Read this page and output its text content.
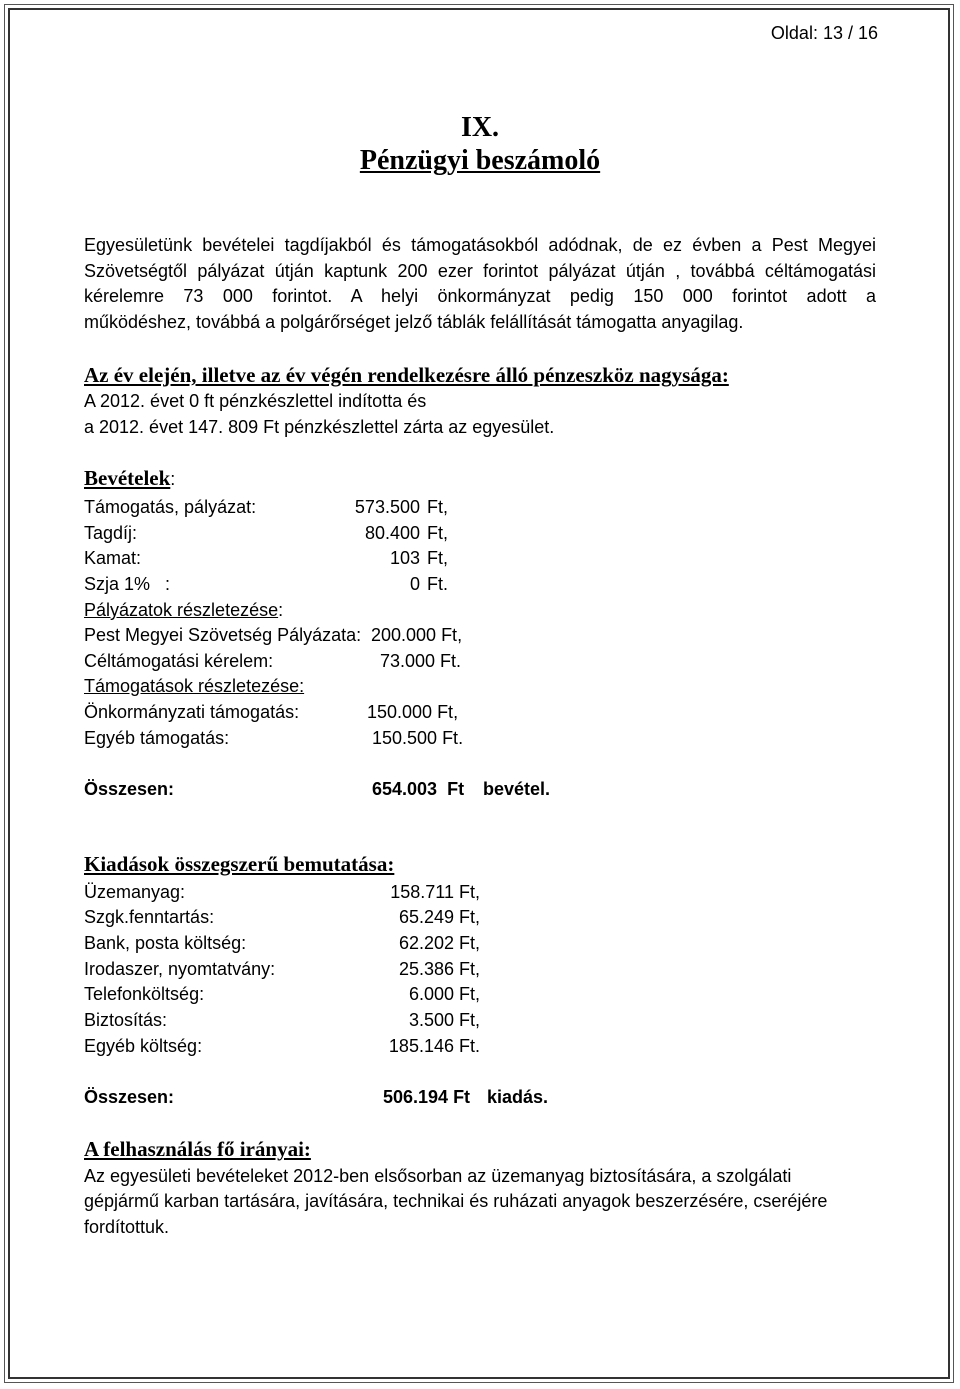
Oldal: 13 / 16
IX.
Pénzügyi beszámoló
Egyesületünk bevételei tagdíjakból és támogatásokból adódnak, de ez évben a Pest Megyei
Szövetségtől pályázat útján kaptunk 200 ezer forintot pályázat útján , továbbá céltámogatási
kérelemre 73 000 forintot. A helyi önkormányzat pedig 150 000 forintot adott a
működéshez, továbbá a polgárőrséget jelző táblák felállítását támogatta anyagilag.
Az év elején, illetve az év végén rendelkezésre álló pénzeszköz nagysága:
A 2012. évet 0 ft pénzkészlettel indította és
a 2012. évet 147. 809 Ft pénzkészlettel zárta az egyesület.
Bevételek:
Támogatás, pályázat:	573.500 Ft,
Tagdíj:	80.400 Ft,
Kamat:	103 Ft,
Szja 1%   :	0 Ft.
Pályázatok részletezése:
Pest Megyei Szövetség Pályázata: 200.000 Ft,
Céltámogatási kérelem:	73.000 Ft.
Támogatások részletezése:
Önkormányzati támogatás:	150.000 Ft,
Egyéb támogatás:	150.500 Ft.
Összesen:	654.003  Ft bevétel.
Kiadások összegszerű bemutatása:
Üzemanyag:	158.711 Ft,
Szgk.fenntartás:	65.249 Ft,
Bank, posta költség:	62.202 Ft,
Irodaszer, nyomtatvány:	25.386 Ft,
Telefonköltség:	6.000 Ft,
Biztosítás:	3.500 Ft,
Egyéb költség:	185.146 Ft.
Összesen:	506.194 Ft kiadás.
A felhasználás fő irányai:
Az egyesületi bevételeket 2012-ben elsősorban az üzemanyag biztosítására, a szolgálati
gépjármű karban tartására, javítására, technikai és ruházati anyagok beszerzésére, cseréjére
fordítottuk.
